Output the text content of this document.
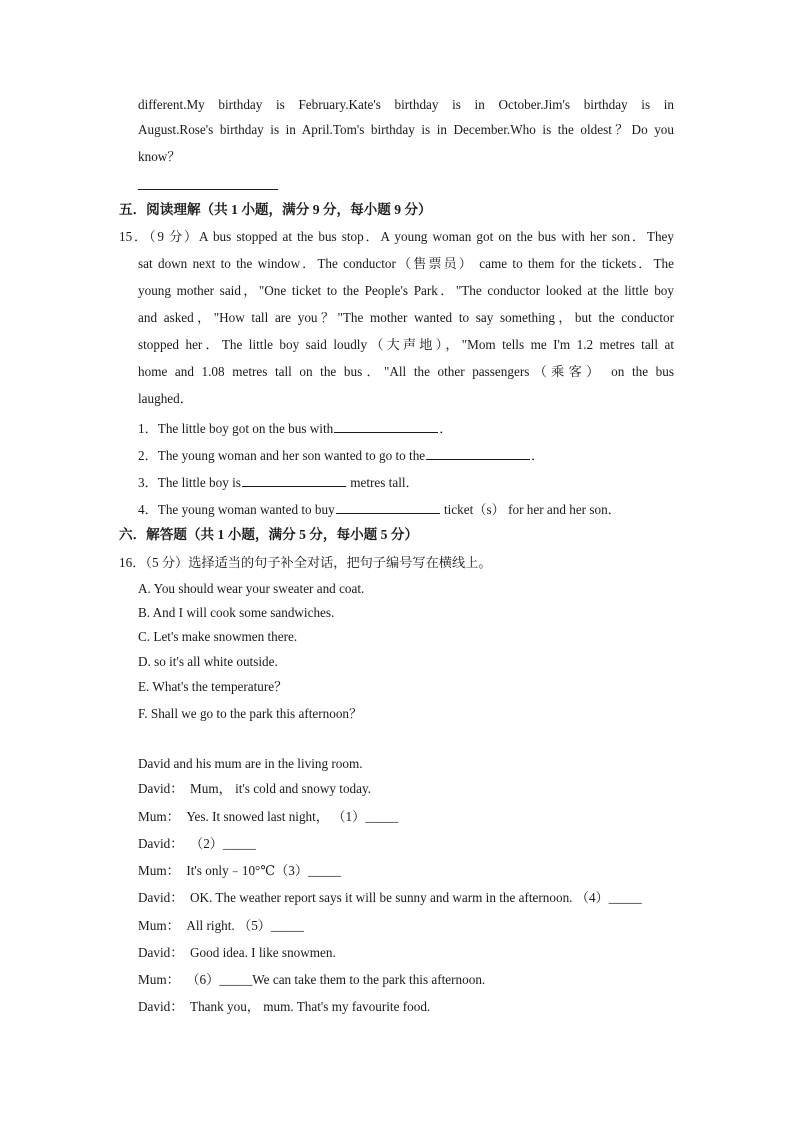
different.My birthday is February.Kate's birthday is in October.Jim's birthday is in
August.Rose's birthday is in April.Tom's birthday is in December.Who is the oldest？Do you
know？
五．阅读理解（共 1 小题，满分 9 分，每小题 9 分）
15．（9 分）A bus stopped at the bus stop．A young woman got on the bus with her son．They
sat down next to the window．The conductor（售票员） came to them for the tickets．The
young mother said，"One ticket to the People's Park．"The conductor looked at the little boy
and asked，"How tall are you？"The mother wanted to say something，but the conductor
stopped her．The little boy said loudly（大声地），"Mom tells me I'm 1.2 metres tall at
home and 1.08 metres tall on the bus．"All the other passengers（乘客） on the bus
laughed．
1．The little boy got on the bus with	．
2．The young woman and her son wanted to go to the	．
3．The little boy is	metres tall．
4．The young woman wanted to buy	ticket（s） for her and her son．
六．解答题（共 1 小题，满分 5 分，每小题 5 分）
16．（5 分）选择适当的句子补全对话，把句子编号写在横线上。
A. You should wear your sweater and coat.
B. And I will cook some sandwiches.
C. Let's make snowmen there.
D. so it's all white outside.
E. What's the temperature？
F. Shall we go to the park this afternoon？
David and his mum are in the living room.
David： Mum， it's cold and snowy today.
Mum： Yes. It snowed last night， （1）_____
David： （2）_____
Mum： It's only﹣10°℃（3）_____
David： OK. The weather report says it will be sunny and warm in the afternoon. （4）_____
Mum： All right. （5）_____
David： Good idea. I like snowmen.
Mum： （6）_____We can take them to the park this afternoon.
David： Thank you， mum. That's my favourite food.
